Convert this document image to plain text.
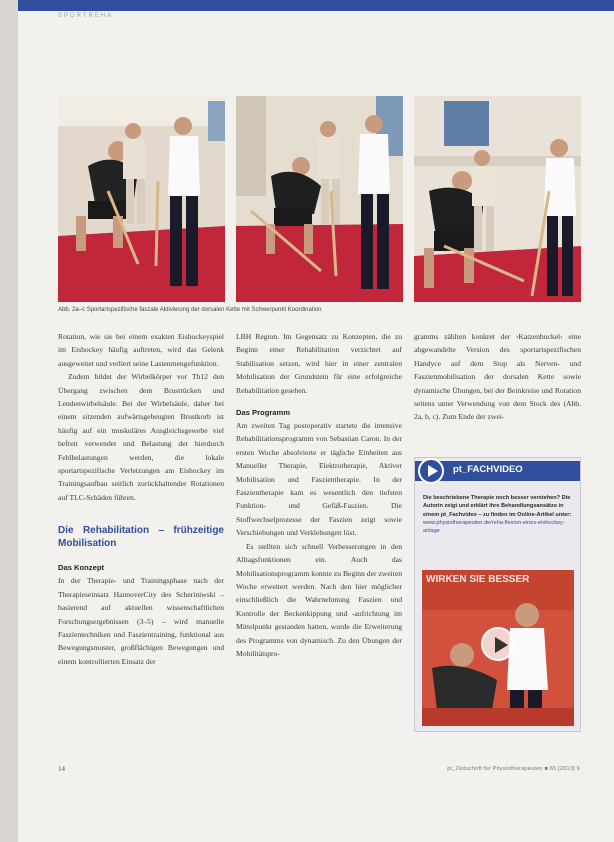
SPORTREHA
Abb. 2a–c Sportartspezifische faszale Aktivierung der dorsalen Kette mit Schwerpunkt Koordination

Rotation, wie sie bei einem exakten Eishockeyspiel im Eishockey häufig auftreten, wird das Gelenk ausgeweitet und verliert seine Lastenmengefunktion.

Zudem bildet der Wirbelkörper vor Th12 den Übergang zwischen dem Brustrücken und Lendenwirbelsäule. Bei der Wirbelsäule, daher bei einem sitzenden aufwärtsgebeugten Brustkorb ist häufig auf ein muskuläres Ausgleichsgewebe viel befreit verwendet und Belastung der hierdurch Fehlbelastungen werden, die lokale sportartspezifische Verletzungen am Eishockey im Trainingsaufbau seitlich zurückhaltender Rotationen auf TLC-Schäden führen.

Die Rehabilitation – frühzeitige Mobilisation
Das Konzept

In der Therapie- und Trainingsphase nach der Therapieseinsatz HannoverCity des Scheriniwski – basierend auf aktuellen wissenschaftlichen Forschungsergebnissen (3–5) – wird manuelle Faszientechniken und Faszientraining, funktional aus Bewegungsmuster, großflächigen Bewegungen und einem kontrollierten Einsatz der

LBH Region. Im Gegensatz zu Konzepten, die zu Beginn einer Rehabilitation verzichtet auf Stabilisation setzen, wird hier in einer zentralen Mobilisation der Grundstein für eine erfolgreiche Rehabilitation gesehen.

Das Programm

Am zweiten Tag postoperativ startete die intensive Rehabilitationsprogramm von Sebastian Caron. In der ersten Woche absolvierte er tägliche Einheiten aus Manueller Therapie, Elektrotherapie, Aktiver Mobilisation und Faszientherapie. In der Faszientherapie kam es wesentlich den tiefsten Funktion- und Gefäß-Faszien. Die Stoffwechselprozesse der Faszien zeigt sowie Verschiebungen und Verklebungen löst.

Es stellten sich schnell Verbesserungen in den Alltagsfunktionen ein. Auch das Mobilisationsprogramm konnte zu Beginn der zweiten Woche erweitert werden. Nach den hier möglicher einschließlich die Wahrnehmung Faszien und Kontrolle der Beckenkippung und -aufrichtung im Mittelpunkt gestanden hatten, wurde die Erweiterung des Programms von dynamisch. Zu den Übungen der Mobilitätspro-

gramms zählten konkret der ›Katzenbuckel‹ eine abgewandelte Version des sportartspezifischen Handyce auf dem Stop als Nerven- und Faszienmobilisation der dorsalen Kette sowie dynamische Übungen, bei der Beinkreise und Rotation seitens unter Verwendung von dem Stock des (Abb. 2a, b, c). Zum Ende der zwei-

pt_FACHVIDEO
Die beschriebene Therapie noch besser verstehen? Die Autorin zeigt und erklärt ihre Behandlungsansätze in einem pt_Fachvideo – zu finden im Online-Artikel unter: www.physiotherapeuten.de/reha-flexion-eines-eishockey-anlage
WIRKEN SIE BESSER
14	pt_Zeitschrift für Physiotherapeuten ■ 65 [2013] 9
